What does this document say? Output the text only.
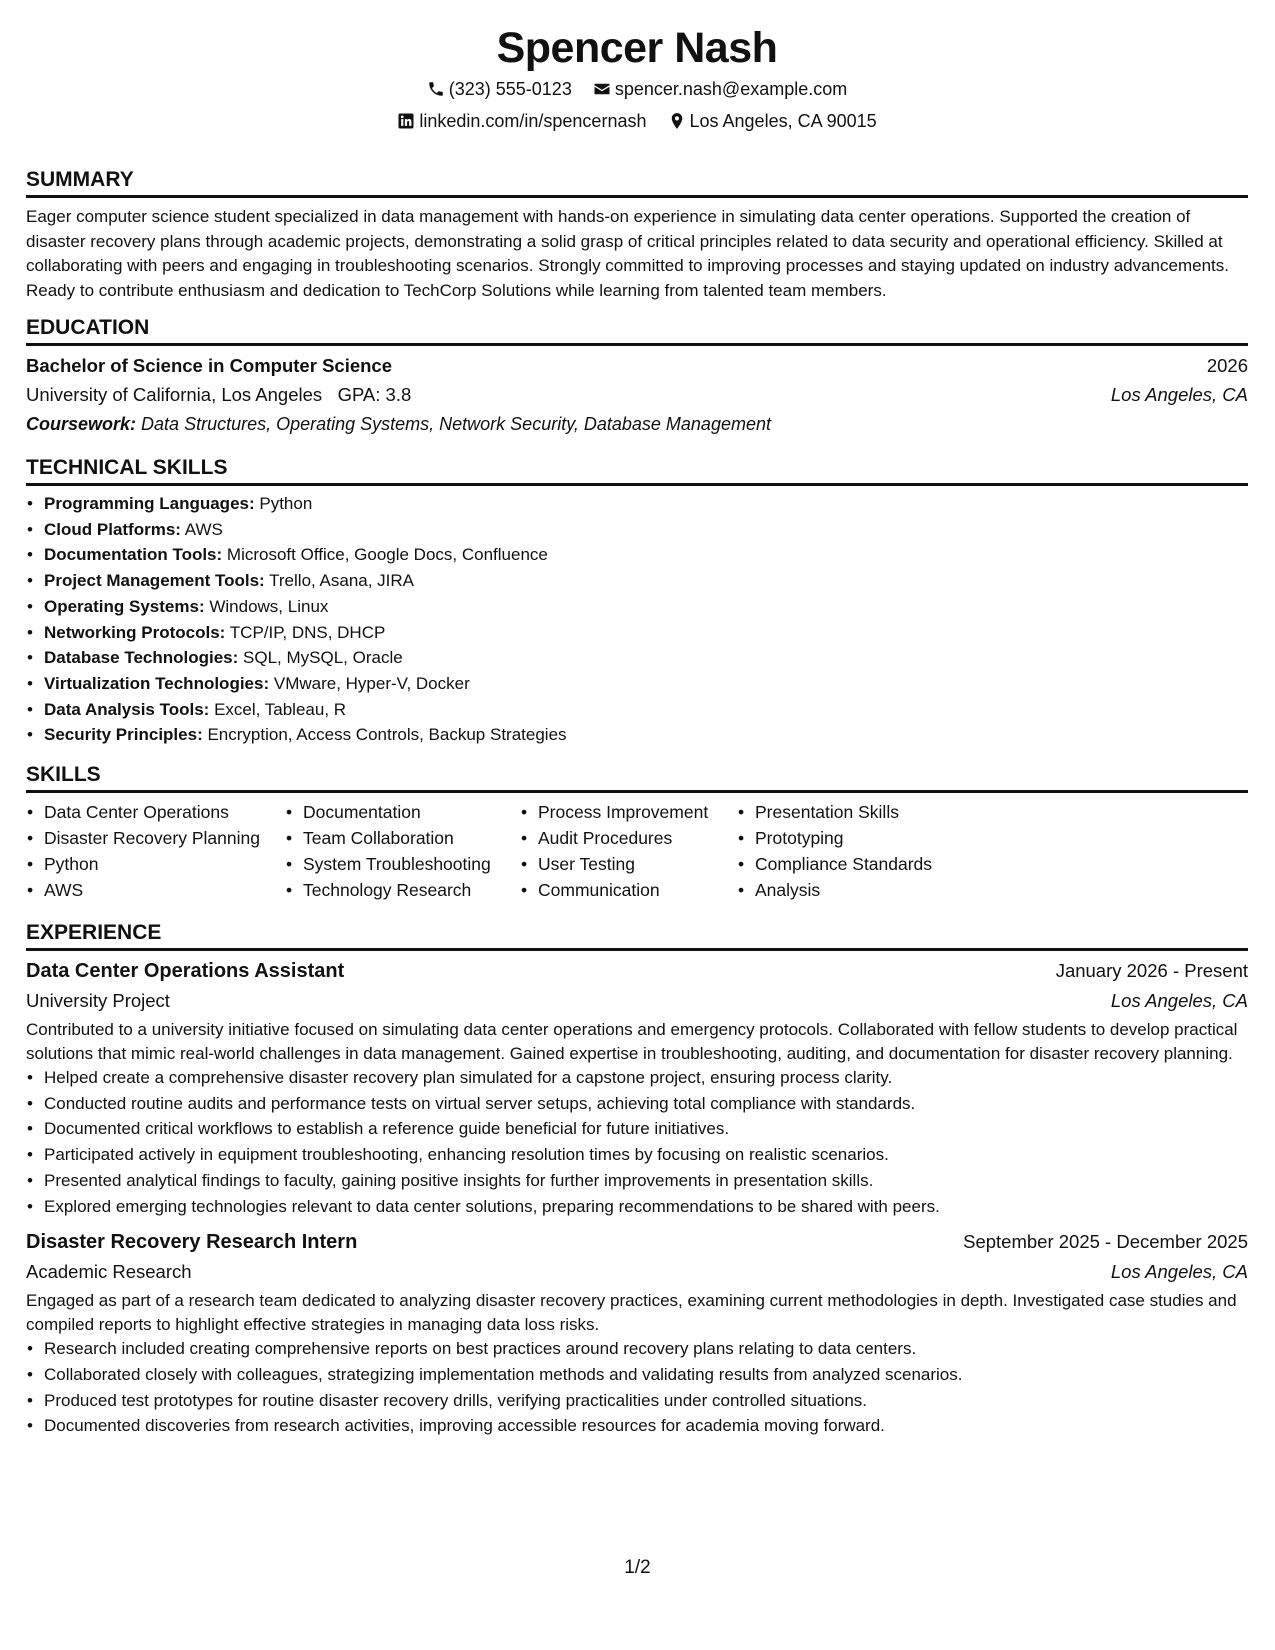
Spencer Nash
(323) 555-0123
spencer.nash@example.com
linkedin.com/in/spencernash
Los Angeles, CA 90015
SUMMARY

Eager computer science student specialized in data management with hands-on experience in simulating data center operations. Supported the creation of disaster recovery plans through academic projects, demonstrating a solid grasp of critical principles related to data security and operational efficiency. Skilled at collaborating with peers and engaging in troubleshooting scenarios. Strongly committed to improving processes and staying updated on industry advancements. Ready to contribute enthusiasm and dedication to TechCorp Solutions while learning from talented team members.

EDUCATION
Bachelor of Science in Computer Science	2026
University of California, Los Angeles GPA: 3.8	Los Angeles, CA
Coursework: Data Structures, Operating Systems, Network Security, Database Management
TECHNICAL SKILLS
• Programming Languages: Python
• Cloud Platforms: AWS
• Documentation Tools: Microsoft Office, Google Docs, Confluence
• Project Management Tools: Trello, Asana, JIRA
• Operating Systems: Windows, Linux
• Networking Protocols: TCP/IP, DNS, DHCP
• Database Technologies: SQL, MySQL, Oracle
• Virtualization Technologies: VMware, Hyper-V, Docker
• Data Analysis Tools: Excel, Tableau, R
• Security Principles: Encryption, Access Controls, Backup Strategies
SKILLS
• Data Center Operations
• Disaster Recovery Planning
• Python
• AWS
• Documentation
• Team Collaboration
• System Troubleshooting
• Technology Research
• Process Improvement
• Audit Procedures
• User Testing
• Communication
• Presentation Skills
• Prototyping
• Compliance Standards
• Analysis
EXPERIENCE
Data Center Operations Assistant	January 2026 - Present
University Project	Los Angeles, CA

Contributed to a university initiative focused on simulating data center operations and emergency protocols. Collaborated with fellow students to develop practical solutions that mimic real-world challenges in data management. Gained expertise in troubleshooting, auditing, and documentation for disaster recovery planning.

• Helped create a comprehensive disaster recovery plan simulated for a capstone project, ensuring process clarity.
• Conducted routine audits and performance tests on virtual server setups, achieving total compliance with standards.
• Documented critical workflows to establish a reference guide beneficial for future initiatives.
• Participated actively in equipment troubleshooting, enhancing resolution times by focusing on realistic scenarios.
• Presented analytical findings to faculty, gaining positive insights for further improvements in presentation skills.
• Explored emerging technologies relevant to data center solutions, preparing recommendations to be shared with peers.
Disaster Recovery Research Intern	September 2025 - December 2025
Academic Research	Los Angeles, CA

Engaged as part of a research team dedicated to analyzing disaster recovery practices, examining current methodologies in depth. Investigated case studies and compiled reports to highlight effective strategies in managing data loss risks.

• Research included creating comprehensive reports on best practices around recovery plans relating to data centers.
• Collaborated closely with colleagues, strategizing implementation methods and validating results from analyzed scenarios.
• Produced test prototypes for routine disaster recovery drills, verifying practicalities under controlled situations.
• Documented discoveries from research activities, improving accessible resources for academia moving forward.
1/2
